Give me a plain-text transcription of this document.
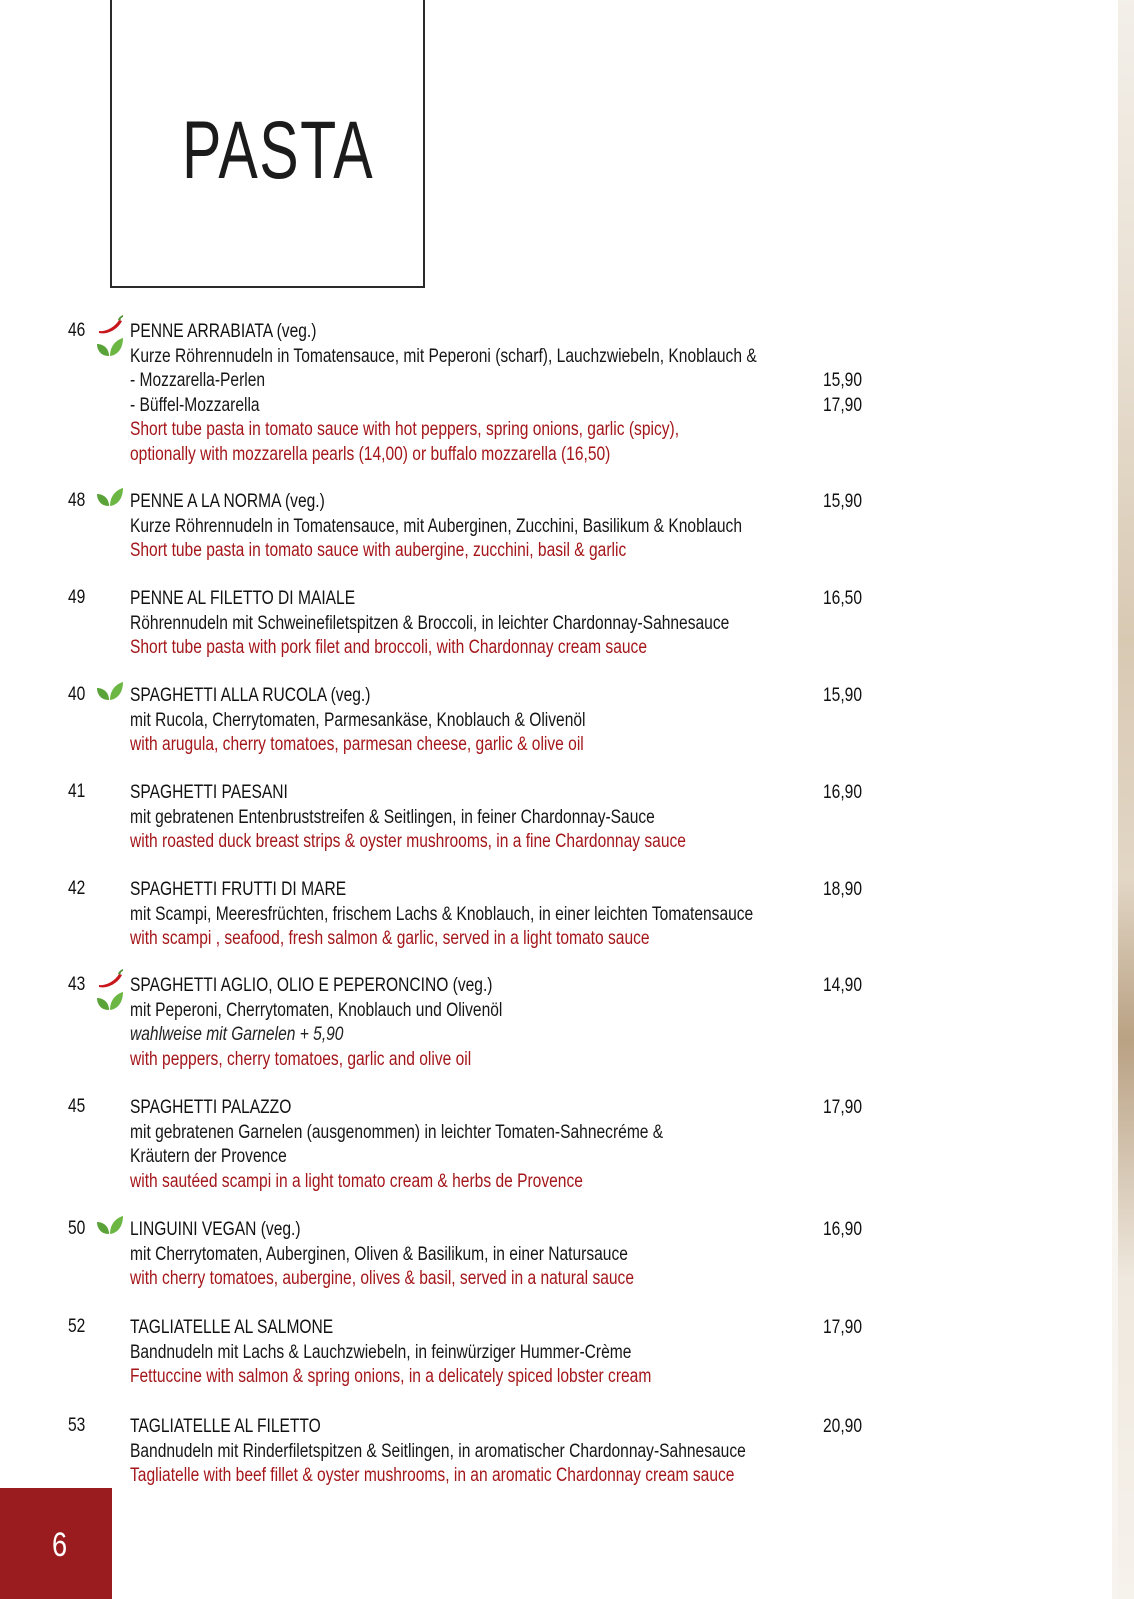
PASTA
46 PENNE ARRABIATA (veg.)
Kurze Röhrennudeln in Tomatensauce, mit Peperoni (scharf), Lauchzwiebeln, Knoblauch &
- Mozzarella-Perlen
- Büffel-Mozzarella
Short tube pasta in tomato sauce with hot peppers, spring onions, garlic (spicy),
optionally with mozzarella pearls (14,00) or buffalo mozzarella (16,50)
15,90
17,90
48 PENNE A LA NORMA (veg.)
Kurze Röhrennudeln in Tomatensauce, mit Auberginen, Zucchini, Basilikum & Knoblauch
Short tube pasta in tomato sauce with aubergine, zucchini, basil & garlic
15,90
49 PENNE AL FILETTO DI MAIALE
Röhrennudeln mit Schweinefiletspitzen & Broccoli, in leichter Chardonnay-Sahnesauce
Short tube pasta with pork filet and broccoli, with Chardonnay cream sauce
16,50
40 SPAGHETTI ALLA RUCOLA (veg.)
mit Rucola, Cherrytomaten, Parmesankäse, Knoblauch & Olivenöl
with arugula, cherry tomatoes, parmesan cheese, garlic & olive oil
15,90
41 SPAGHETTI PAESANI
mit gebratenen Entenbruststreifen & Seitlingen, in feiner Chardonnay-Sauce
with roasted duck breast strips & oyster mushrooms, in a fine Chardonnay sauce
16,90
42 SPAGHETTI FRUTTI DI MARE
mit Scampi, Meeresfrüchten, frischem Lachs & Knoblauch, in einer leichten Tomatensauce
with scampi , seafood, fresh salmon & garlic, served in a light tomato sauce
18,90
43 SPAGHETTI AGLIO, OLIO E PEPERONCINO (veg.)
mit Peperoni, Cherrytomaten, Knoblauch und Olivenöl
wahlweise mit Garnelen + 5,90
with peppers, cherry tomatoes, garlic and olive oil
14,90
45 SPAGHETTI PALAZZO
mit gebratenen Garnelen (ausgenommen) in leichter Tomaten-Sahnecréme &
Kräutern der Provence
with sautéed scampi in a light tomato cream & herbs de Provence
17,90
50 LINGUINI VEGAN (veg.)
mit Cherrytomaten, Auberginen, Oliven & Basilikum, in einer Natursauce
with cherry tomatoes, aubergine, olives & basil, served in a natural sauce
16,90
52 TAGLIATELLE AL SALMONE
Bandnudeln mit Lachs & Lauchzwiebeln, in feinwürziger Hummer-Crème
Fettuccine with salmon & spring onions, in a delicately spiced lobster cream
17,90
53 TAGLIATELLE AL FILETTO
Bandnudeln mit Rinderfiletspitzen & Seitlingen, in aromatischer Chardonnay-Sahnesauce
Tagliatelle with beef fillet & oyster mushrooms, in an aromatic Chardonnay cream sauce
20,90
6
